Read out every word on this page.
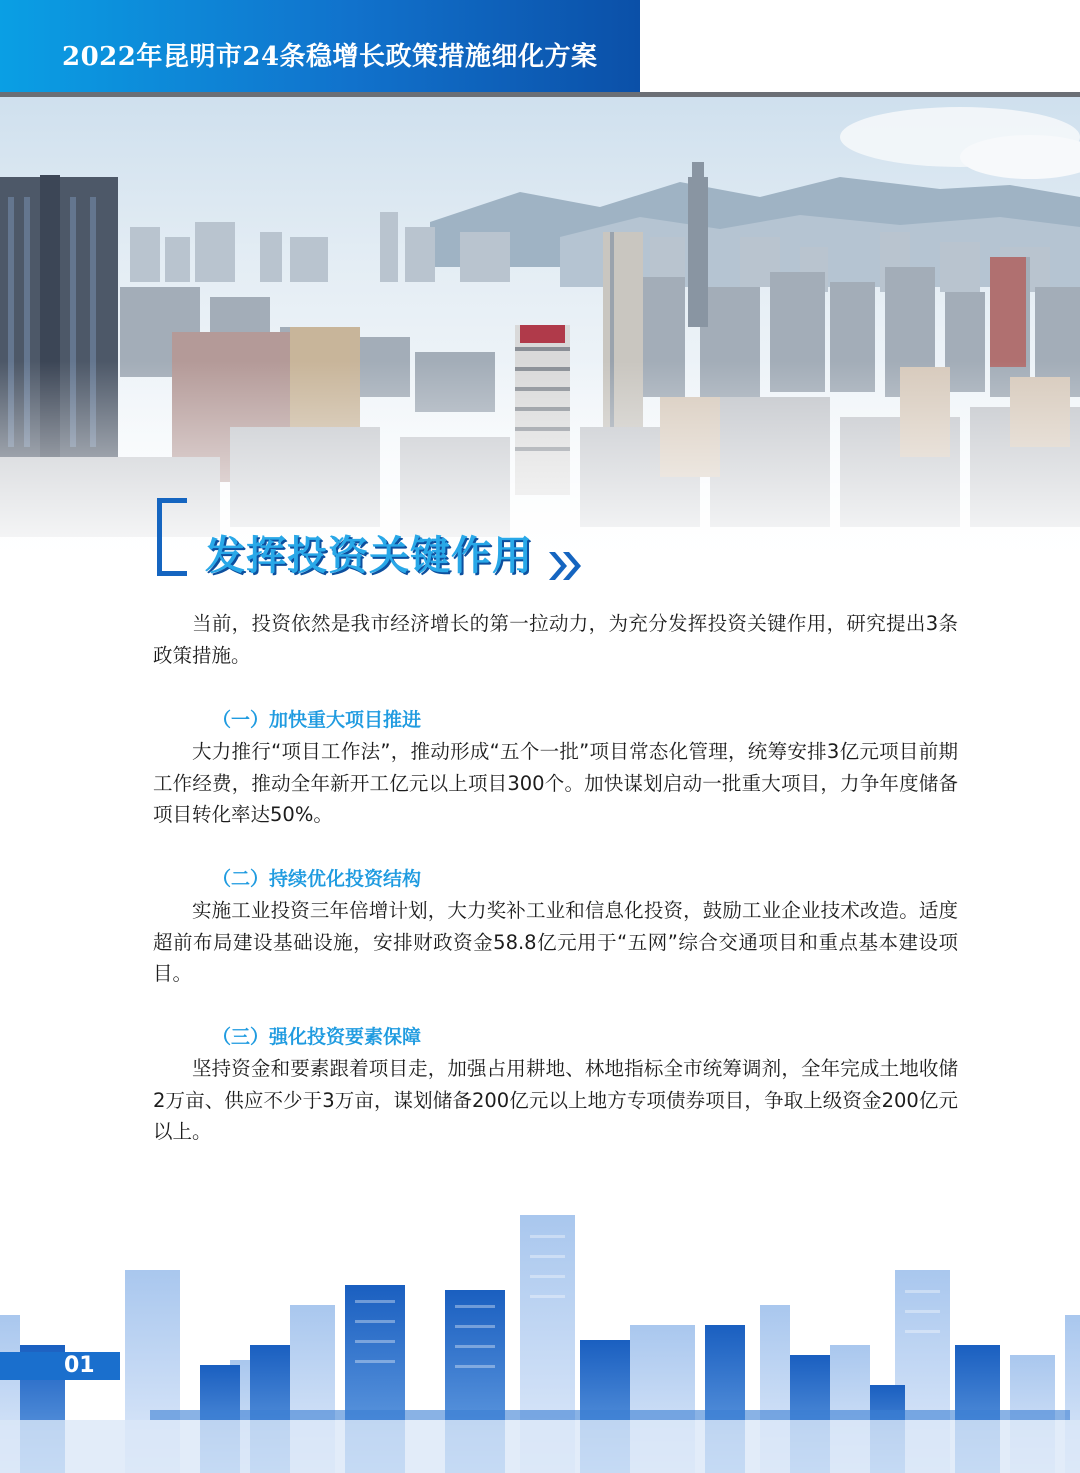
2022年昆明市24条稳增长政策措施细化方案
发挥投资关键作用

当前，投资依然是我市经济增长的第一拉动力，为充分发挥投资关键作用，研究提出3条政策措施。

（一）加快重大项目推进

大力推行“项目工作法”，推动形成“五个一批”项目常态化管理，统筹安排3亿元项目前期工作经费，推动全年新开工亿元以上项目300个。加快谋划启动一批重大项目，力争年度储备项目转化率达50%。

（二）持续优化投资结构

实施工业投资三年倍增计划，大力奖补工业和信息化投资，鼓励工业企业技术改造。适度超前布局建设基础设施，安排财政资金58.8亿元用于“五网”综合交通项目和重点基本建设项目。

（三）强化投资要素保障

坚持资金和要素跟着项目走，加强占用耕地、林地指标全市统筹调剂，全年完成土地收储2万亩、供应不少于3万亩，谋划储备200亿元以上地方专项债券项目，争取上级资金200亿元以上。

01
